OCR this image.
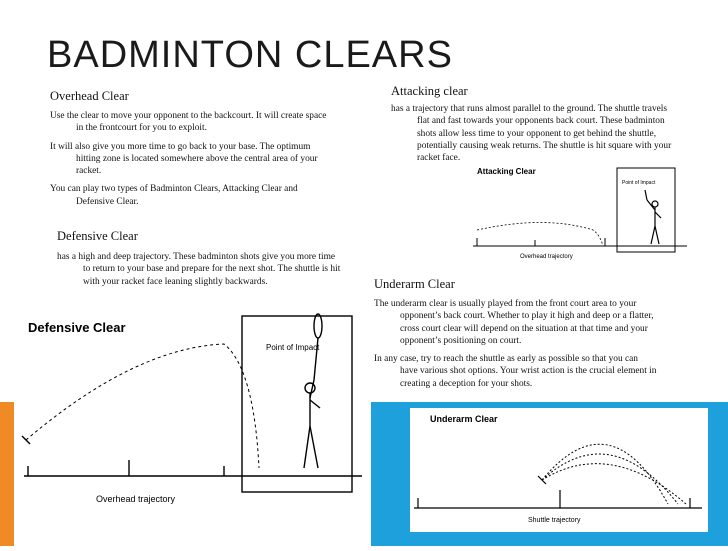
BADMINTON CLEARS
Overhead Clear
Use the clear to move your opponent to the backcourt. It will create space
in the frontcourt for you to exploit.
It will also give you more time to go back to your base. The optimum
hitting zone is located somewhere above the central area of your
racket.
You can play two types of Badminton Clears, Attacking Clear and
Defensive Clear.
Defensive Clear
has a high and deep trajectory. These badminton shots give you more time
to return to your base and prepare for the next shot. The shuttle is hit
with your racket face leaning slightly backwards.
Attacking clear
has a trajectory that runs almost parallel to the ground. The shuttle travels
flat and fast towards your opponents back court. These badminton
shots allow less time to your opponent to get behind the shuttle,
potentially causing weak returns. The shuttle is hit square with your
racket face.
Underarm Clear
The underarm clear is usually played from the front court area to your
opponent’s back court. Whether to play it high and deep or a flatter,
cross court clear will depend on the situation at that time and your
opponent’s positioning on court.
In any case, try to reach the shuttle as early as possible so that you can
have various shot options. Your wrist action is the crucial element in
creating a deception for your shots.
Attacking Clear
Point of Impact
Overhead trajectory
Defensive Clear
Point of Impact
Overhead trajectory
Underarm Clear
Shuttle trajectory
